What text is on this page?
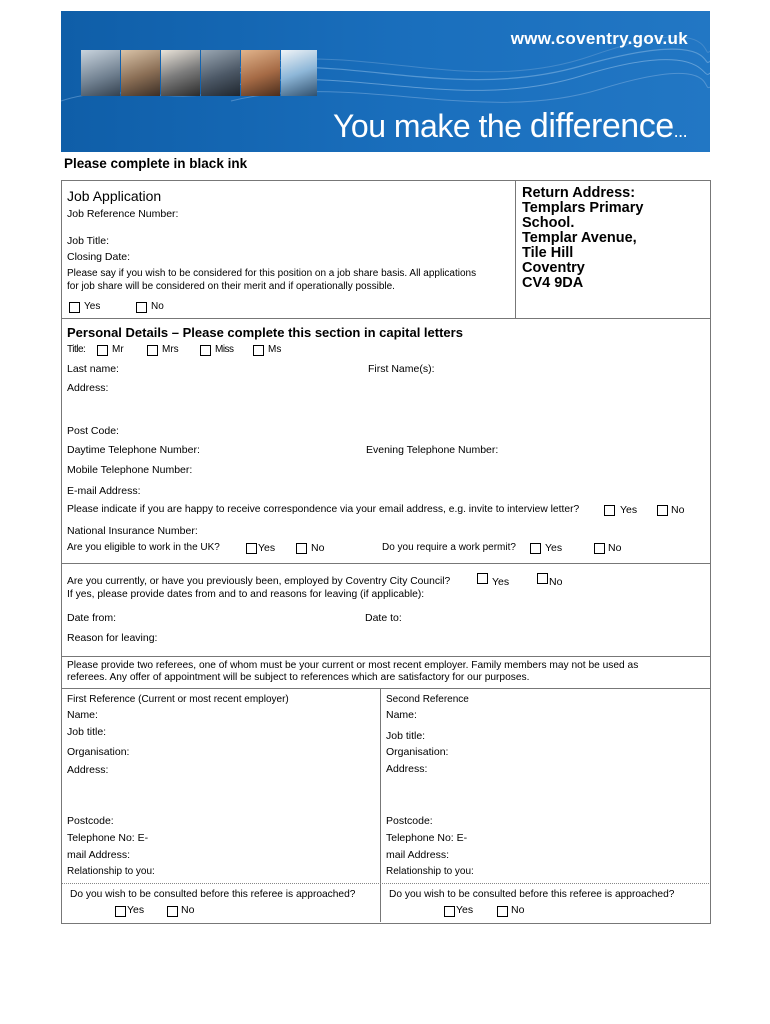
www.coventry.gov.uk
You make the difference...
Please complete in black ink
Job Application
Job Reference Number:
Job Title:
Closing Date:
Please say if you wish to be considered for this position on a job share basis. All applications
for job share will be considered on their merit and if operationally possible.
Yes	No
Return Address:
Templars Primary
School.
Templar Avenue,
Tile Hill
Coventry
CV4 9DA
Personal Details – Please complete this section in capital letters
Title:	Mr	Mrs	Miss	Ms
Last name:	First Name(s):
Address:
Post Code:
Daytime Telephone Number:	Evening Telephone Number:
Mobile Telephone Number:
E-mail Address:
Please indicate if you are happy to receive correspondence via your email address, e.g. invite to interview letter?	Yes	No
National Insurance Number:
Are you eligible to work in the UK?	Yes	No	Do you require a work permit?	Yes	No
Are you currently, or have you previously been, employed by Coventry City Council?	Yes	No
If yes, please provide dates from and to and reasons for leaving (if applicable):
Date from:	Date to:
Reason for leaving:
Please provide two referees, one of whom must be your current or most recent employer. Family members may not be used as
referees. Any offer of appointment will be subject to references which are satisfactory for our purposes.
First Reference (Current or most recent employer)
Name:
Job title:
Organisation:
Address:
Postcode:
Telephone No: E-
mail Address:
Relationship to you:
Do you wish to be consulted before this referee is approached?
Yes	No
Second Reference
Name:
Job title:
Organisation:
Address:
Postcode:
Telephone No: E-
mail Address:
Relationship to you:
Do you wish to be consulted before this referee is approached?
Yes	No
